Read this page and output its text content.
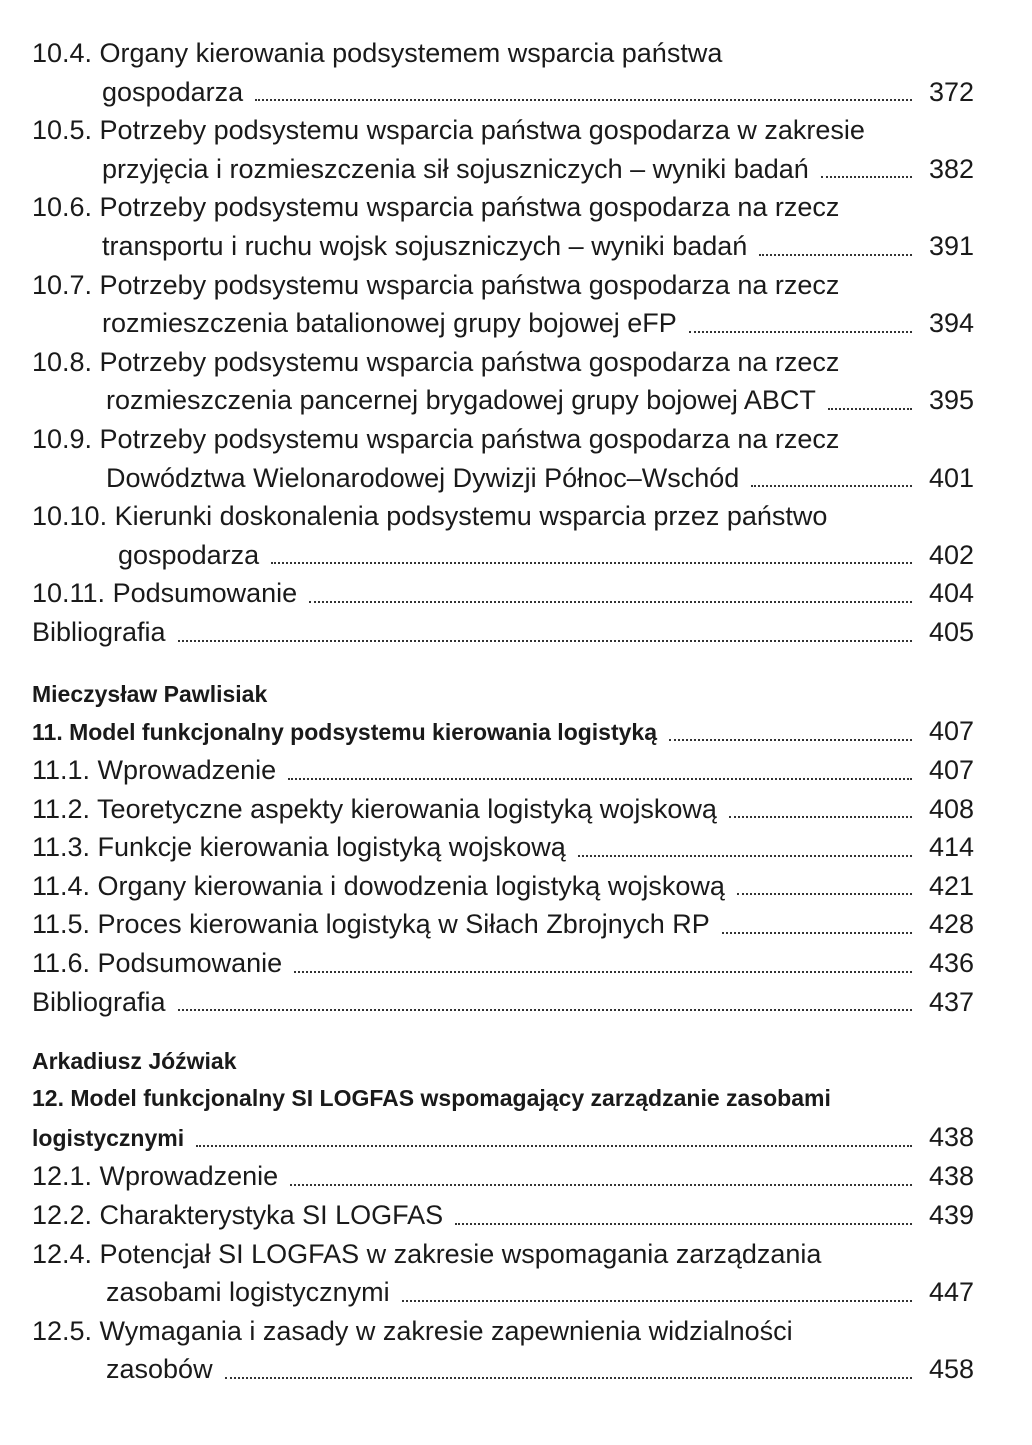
10.4. Organy kierowania podsystemem wsparcia państwa
gospodarza	372
10.5. Potrzeby podsystemu wsparcia państwa gospodarza w zakresie
przyjęcia i rozmieszczenia sił sojuszniczych – wyniki badań	382
10.6. Potrzeby podsystemu wsparcia państwa gospodarza na rzecz
transportu i ruchu wojsk sojuszniczych – wyniki badań	391
10.7. Potrzeby podsystemu wsparcia państwa gospodarza na rzecz
rozmieszczenia batalionowej grupy bojowej eFP	394
10.8. Potrzeby podsystemu wsparcia państwa gospodarza na rzecz
rozmieszczenia pancernej brygadowej grupy bojowej ABCT	395
10.9. Potrzeby podsystemu wsparcia państwa gospodarza na rzecz
Dowództwa Wielonarodowej Dywizji Północ–Wschód	401
10.10. Kierunki doskonalenia podsystemu wsparcia przez państwo
gospodarza	402
10.11. Podsumowanie	404
Bibliografia	405
Mieczysław Pawlisiak
11. Model funkcjonalny podsystemu kierowania logistyką	407
11.1. Wprowadzenie	407
11.2. Teoretyczne aspekty kierowania logistyką wojskową	408
11.3. Funkcje kierowania logistyką wojskową	414
11.4. Organy kierowania i dowodzenia logistyką wojskową	421
11.5. Proces kierowania logistyką w Siłach Zbrojnych RP	428
11.6. Podsumowanie	436
Bibliografia	437
Arkadiusz Jóźwiak
12. Model funkcjonalny SI LOGFAS wspomagający zarządzanie zasobami
logistycznymi	438
12.1. Wprowadzenie	438
12.2. Charakterystyka SI LOGFAS	439
12.4. Potencjał SI LOGFAS w zakresie wspomagania zarządzania
zasobami logistycznymi	447
12.5. Wymagania i zasady w zakresie zapewnienia widzialności
zasobów	458
